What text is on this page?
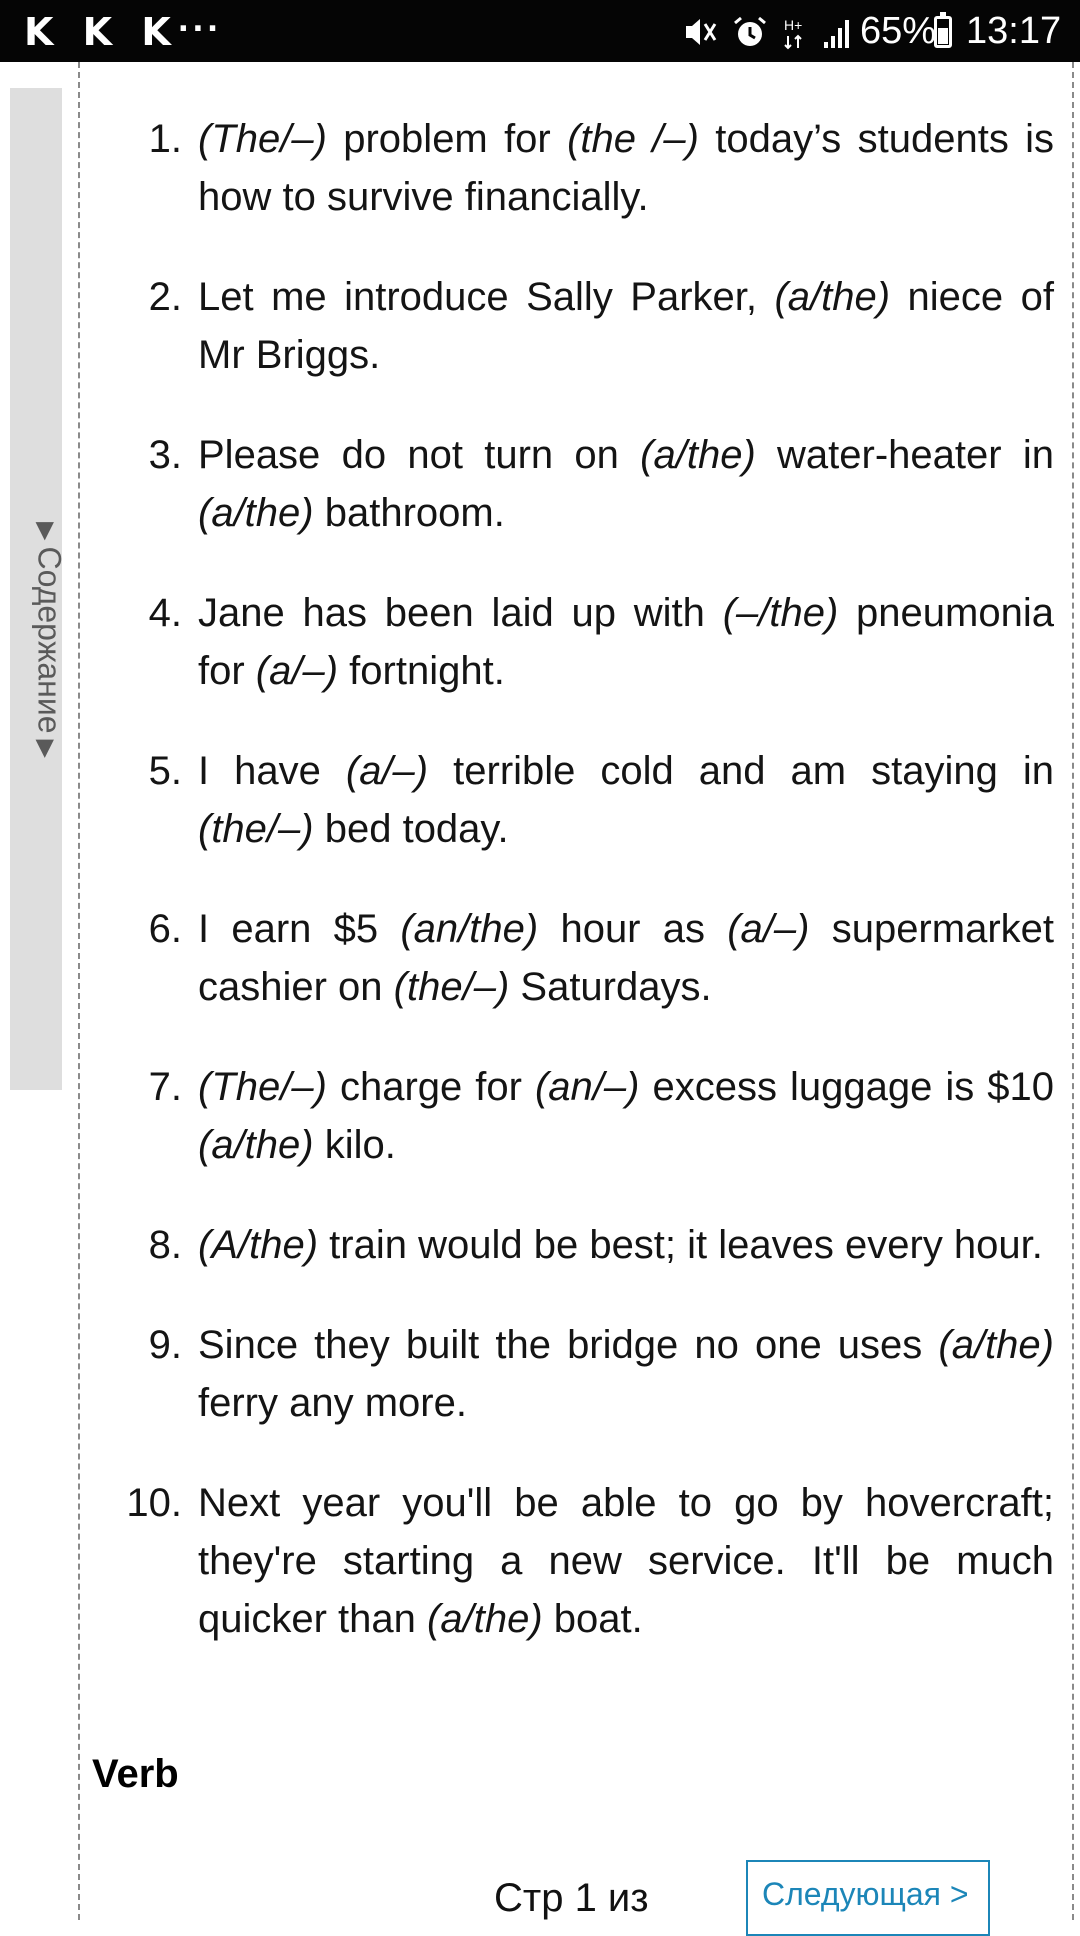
K K K ···	H+ 65% 13:17
▶Содержание▶
1. (The/–) problem for (the /–) today’s students is how to survive financially.
2. Let me introduce Sally Parker, (a/the) niece of Mr Briggs.
3. Please do not turn on (a/the) water-heater in (a/the) bathroom.
4. Jane has been laid up with (–/the) pneumonia for (a/–) fortnight.
5. I have (a/–) terrible cold and am staying in (the/–) bed today.
6. I earn $5 (an/the) hour as (a/–) supermarket cashier on (the/–) Saturdays.
7. (The/–) charge for (an/–) excess luggage is $10 (a/the) kilo.
8. (A/the) train would be best; it leaves every hour.
9. Since they built the bridge no one uses (a/the) ferry any more.
10. Next year you'll be able to go by hovercraft; they're starting a new service. It'll be much quicker than (a/the) boat.
Verb
Стр 1 из	Следующая >
